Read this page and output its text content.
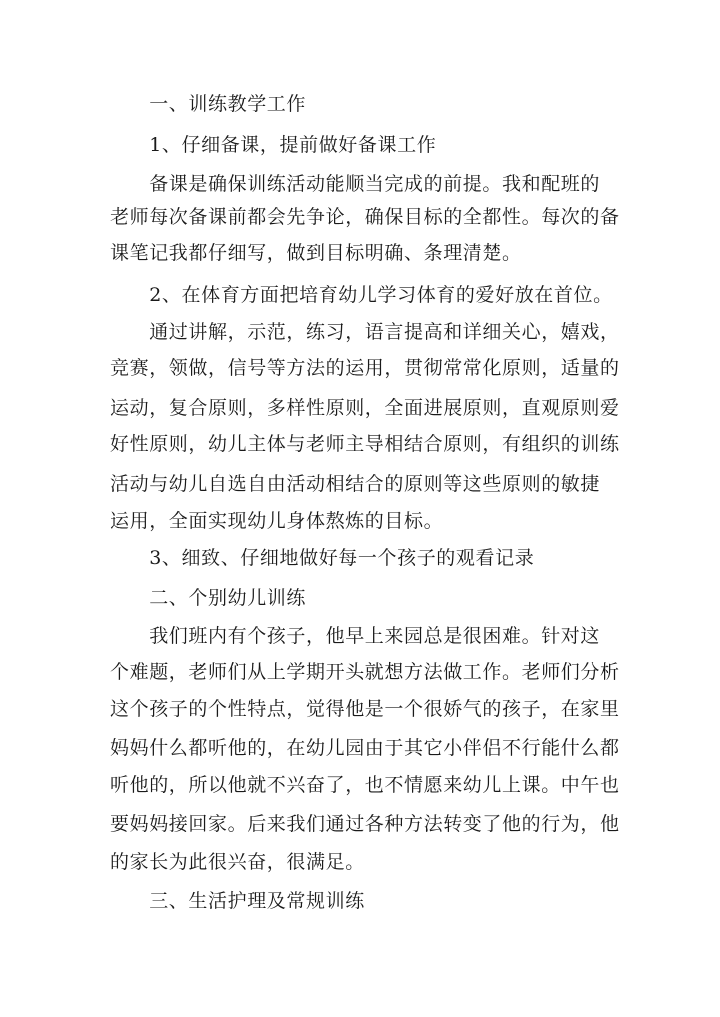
　　一、训练教学工作
　　1、仔细备课，提前做好备课工作
　　备课是确保训练活动能顺当完成的前提。我和配班的
老师每次备课前都会先争论，确保目标的全都性。每次的备
课笔记我都仔细写，做到目标明确、条理清楚。
　　2、在体育方面把培育幼儿学习体育的爱好放在首位。
　　通过讲解，示范，练习，语言提高和详细关心，嬉戏，
竞赛，领做，信号等方法的运用，贯彻常常化原则，适量的
运动，复合原则，多样性原则，全面进展原则，直观原则爱
好性原则，幼儿主体与老师主导相结合原则，有组织的训练
活动与幼儿自选自由活动相结合的原则等这些原则的敏捷
运用，全面实现幼儿身体熬炼的目标。
　　3、细致、仔细地做好每一个孩子的观看记录
　　二、个别幼儿训练
　　我们班内有个孩子，他早上来园总是很困难。针对这
个难题，老师们从上学期开头就想方法做工作。老师们分析
这个孩子的个性特点，觉得他是一个很娇气的孩子，在家里
妈妈什么都听他的，在幼儿园由于其它小伴侣不行能什么都
听他的，所以他就不兴奋了，也不情愿来幼儿上课。中午也
要妈妈接回家。后来我们通过各种方法转变了他的行为，他
的家长为此很兴奋，很满足。
　　三、生活护理及常规训练
